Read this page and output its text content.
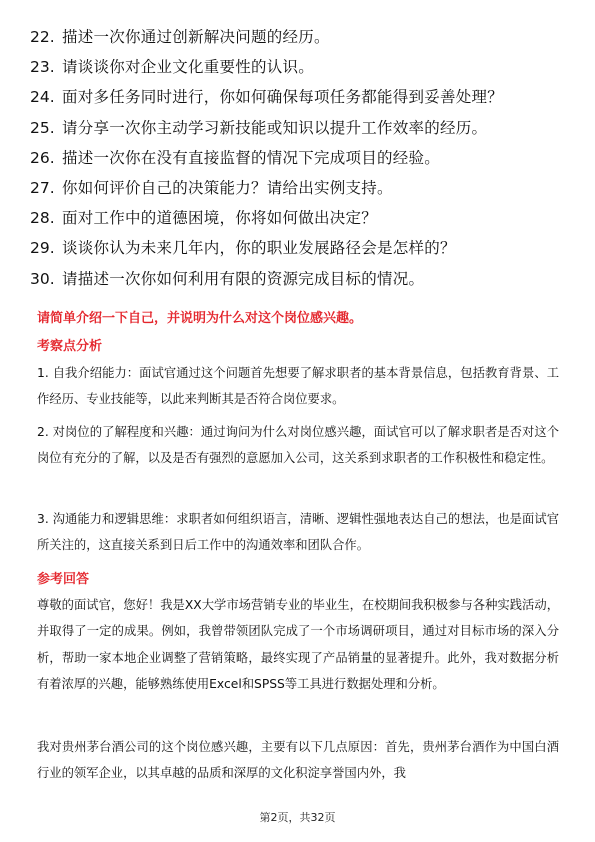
22. 描述一次你通过创新解决问题的经历。
23. 请谈谈你对企业文化重要性的认识。
24. 面对多任务同时进行，你如何确保每项任务都能得到妥善处理？
25. 请分享一次你主动学习新技能或知识以提升工作效率的经历。
26. 描述一次你在没有直接监督的情况下完成项目的经验。
27. 你如何评价自己的决策能力？请给出实例支持。
28. 面对工作中的道德困境，你将如何做出决定？
29. 谈谈你认为未来几年内，你的职业发展路径会是怎样的？
30. 请描述一次你如何利用有限的资源完成目标的情况。
请简单介绍一下自己，并说明为什么对这个岗位感兴趣。
考察点分析

1. 自我介绍能力：面试官通过这个问题首先想要了解求职者的基本背景信息，包括教育背景、工作经历、专业技能等，以此来判断其是否符合岗位要求。

2. 对岗位的了解程度和兴趣：通过询问为什么对岗位感兴趣，面试官可以了解求职者是否对这个岗位有充分的了解，以及是否有强烈的意愿加入公司，这关系到求职者的工作积极性和稳定性。

3. 沟通能力和逻辑思维：求职者如何组织语言，清晰、逻辑性强地表达自己的想法，也是面试官所关注的，这直接关系到日后工作中的沟通效率和团队合作。

参考回答

尊敬的面试官，您好！我是XX大学市场营销专业的毕业生，在校期间我积极参与各种实践活动，并取得了一定的成果。例如，我曾带领团队完成了一个市场调研项目，通过对目标市场的深入分析，帮助一家本地企业调整了营销策略，最终实现了产品销量的显著提升。此外，我对数据分析有着浓厚的兴趣，能够熟练使用Excel和SPSS等工具进行数据处理和分析。

我对贵州茅台酒公司的这个岗位感兴趣，主要有以下几点原因：首先，贵州茅台酒作为中国白酒行业的领军企业，以其卓越的品质和深厚的文化积淀享誉国内外，我

第2页，共32页
